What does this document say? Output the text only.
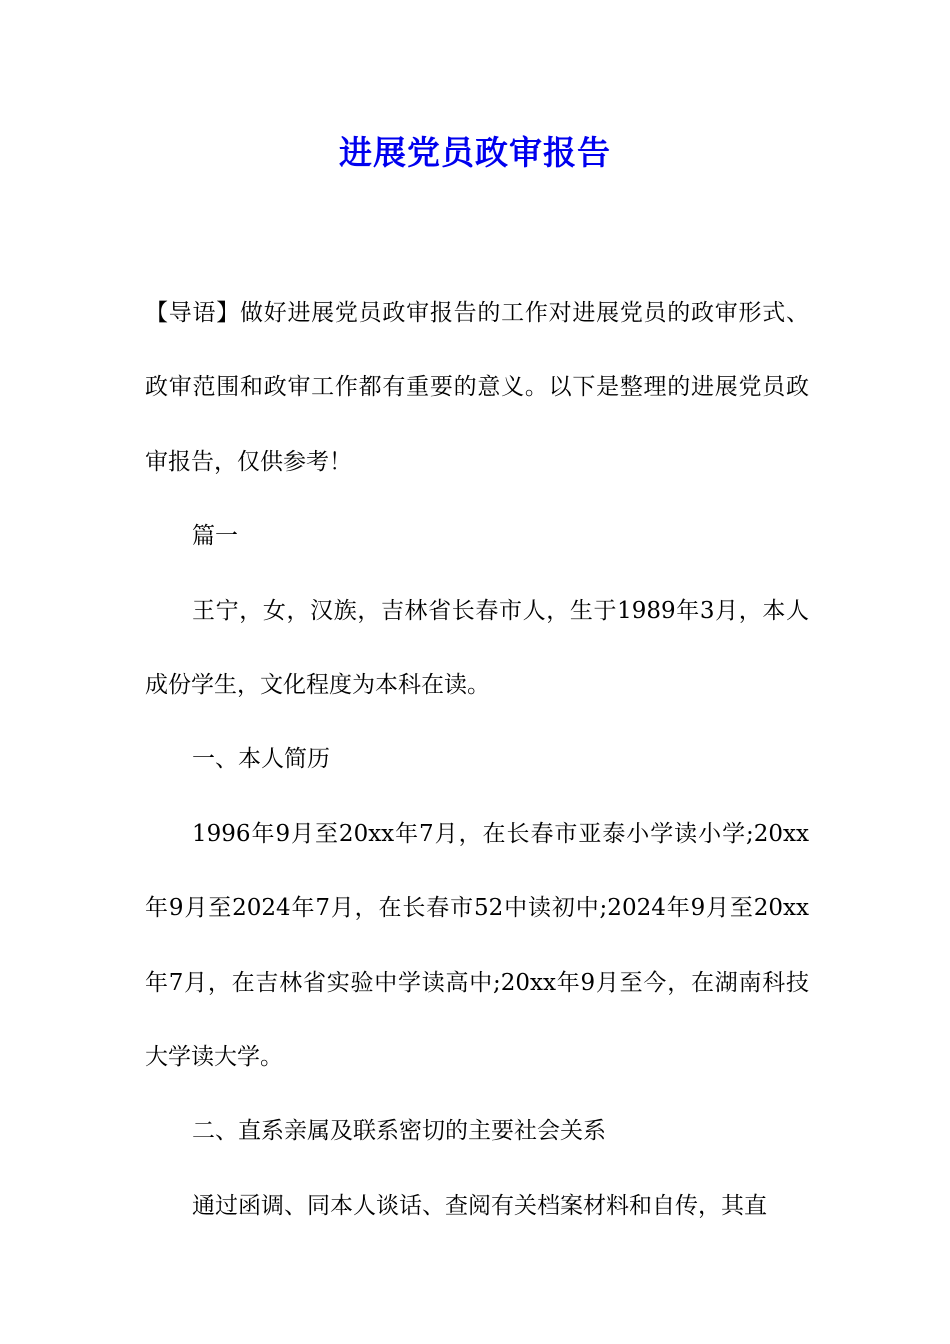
进展党员政审报告

【导语】做好进展党员政审报告的工作对进展党员的政审形式、政审范围和政审工作都有重要的意义。以下是整理的进展党员政审报告，仅供参考！

篇一

王宁，女，汉族，吉林省长春市人，生于1989年3月，本人成份学生，文化程度为本科在读。

一、本人简历

1996年9月至20xx年7月，在长春市亚泰小学读小学;20xx年9月至2024年7月，在长春市52中读初中;2024年9月至20xx年7月，在吉林省实验中学读高中;20xx年9月至今，在湖南科技大学读大学。

二、直系亲属及联系密切的主要社会关系

通过函调、同本人谈话、查阅有关档案材料和自传，其直
